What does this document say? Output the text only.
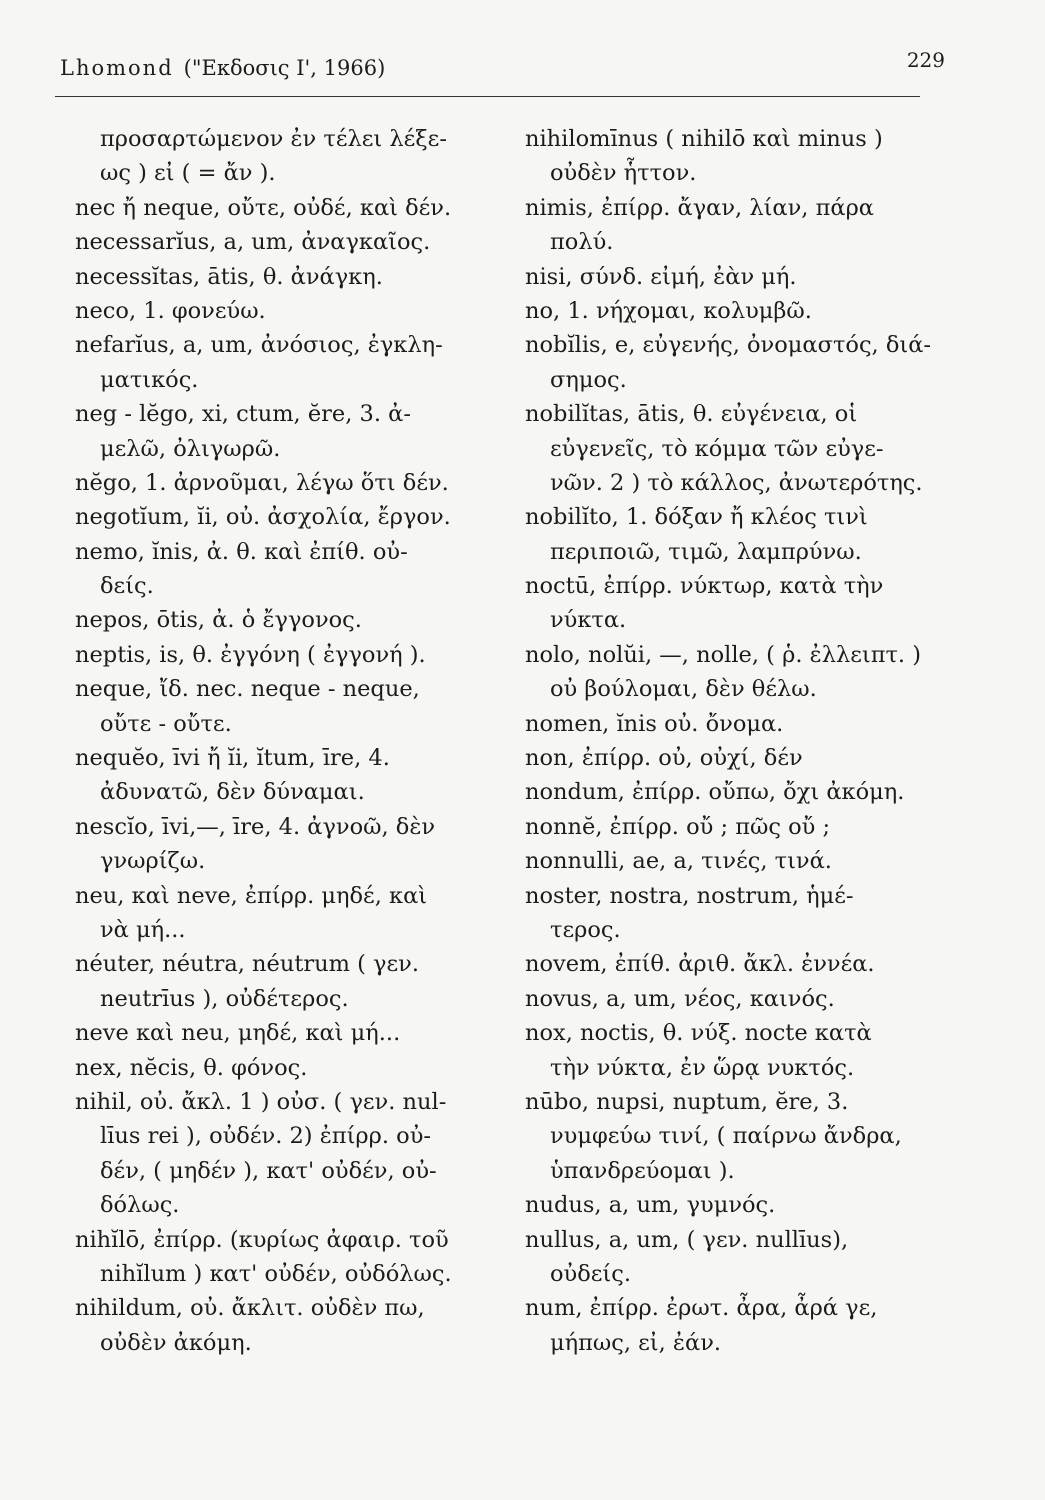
Lhomond ("Εκδοσις Ι', 1966)	229
προσαρτώμενον ἐν τέλει λέξε-
ως ) εἰ ( = ἄν ).
nec ἤ neque, οὔτε, οὐδέ, καὶ δέν.
necessarĭus, a, um, ἀναγκαῖος.
necessĭtas, ātis, θ. ἀνάγκη.
neco, 1. φονεύω.
nefarĭus, a, um, ἀνόσιος, ἐγκλη-
ματικός.
neg - lĕgo, xi, ctum, ĕre, 3. ἀ-
μελῶ, ὀλιγωρῶ.
nĕgo, 1. ἀρνοῦμαι, λέγω ὅτι δέν.
negotĭum, ĭi, οὐ. ἀσχολία, ἔργον.
nemo, ĭnis, ἀ. θ. καὶ ἐπίθ. οὐ-
δείς.
nepos, ōtis, ἀ. ὁ ἔγγονος.
neptis, is, θ. ἐγγόνη ( ἐγγονή ).
neque, ἴδ. nec. neque - neque,
οὔτε - οὔτε.
nequĕo, īvi ἤ ĭi, ĭtum, īre, 4.
ἀδυνατῶ, δὲν δύναμαι.
nescĭo, īvi,—, īre, 4. ἀγνοῶ, δὲν
γνωρίζω.
neu, καὶ neve, ἐπίρρ. μηδέ, καὶ
νὰ μή...
néuter, néutra, néutrum ( γεν.
neutrīus ), οὐδέτερος.
neve καὶ neu, μηδέ, καὶ μή...
nex, nĕcis, θ. φόνος.
nihil, οὐ. ἄκλ. 1 ) οὐσ. ( γεν. nul-
līus rei ), οὐδέν. 2) ἐπίρρ. οὐ-
δέν, ( μηδέν ), κατ' οὐδέν, οὐ-
δόλως.
nihĭlō, ἐπίρρ. (κυρίως ἀφαιρ. τοῦ
nihĭlum ) κατ' οὐδέν, οὐδόλως.
nihildum, οὐ. ἄκλιτ. οὐδὲν πω,
οὐδὲν ἀκόμη.
nihilomīnus ( nihilō καὶ minus )
οὐδὲν ἧττον.
nimis, ἐπίρρ. ἄγαν, λίαν, πάρα
πολύ.
nisi, σύνδ. εἰμή, ἐὰν μή.
no, 1. νήχομαι, κολυμβῶ.
nobĭlis, e, εὐγενής, ὀνομαστός, διά-
σημος.
nobilĭtas, ātis, θ. εὐγένεια, οἱ
εὐγενεῖς, τὸ κόμμα τῶν εὐγε-
νῶν. 2 ) τὸ κάλλος, ἀνωτερότης.
nobilĭto, 1. δόξαν ἤ κλέος τινὶ
περιποιῶ, τιμῶ, λαμπρύνω.
noctū, ἐπίρρ. νύκτωρ, κατὰ τὴν
νύκτα.
nolo, nolŭi, —, nolle, ( ῥ. ἐλλειπτ. )
οὐ βούλομαι, δὲν θέλω.
nomen, ĭnis οὐ. ὄνομα.
non, ἐπίρρ. οὐ, οὐχί, δέν
nondum, ἐπίρρ. οὔπω, ὄχι ἀκόμη.
nonnĕ, ἐπίρρ. οὔ ; πῶς οὔ ;
nonnulli, ae, a, τινές, τινά.
noster, nostra, nostrum, ἡμέ-
τερος.
novem, ἐπίθ. ἀριθ. ἄκλ. ἐννέα.
novus, a, um, νέος, καινός.
nox, noctis, θ. νύξ. nocte κατὰ
τὴν νύκτα, ἐν ὥρᾳ νυκτός.
nūbo, nupsi, nuptum, ĕre, 3.
νυμφεύω τινί, ( παίρνω ἄνδρα,
ὑπανδρεύομαι ).
nudus, a, um, γυμνός.
nullus, a, um, ( γεν. nullīus),
οὐδείς.
num, ἐπίρρ. ἐρωτ. ἆρα, ἆρά γε,
μήπως, εἰ, ἐάν.
